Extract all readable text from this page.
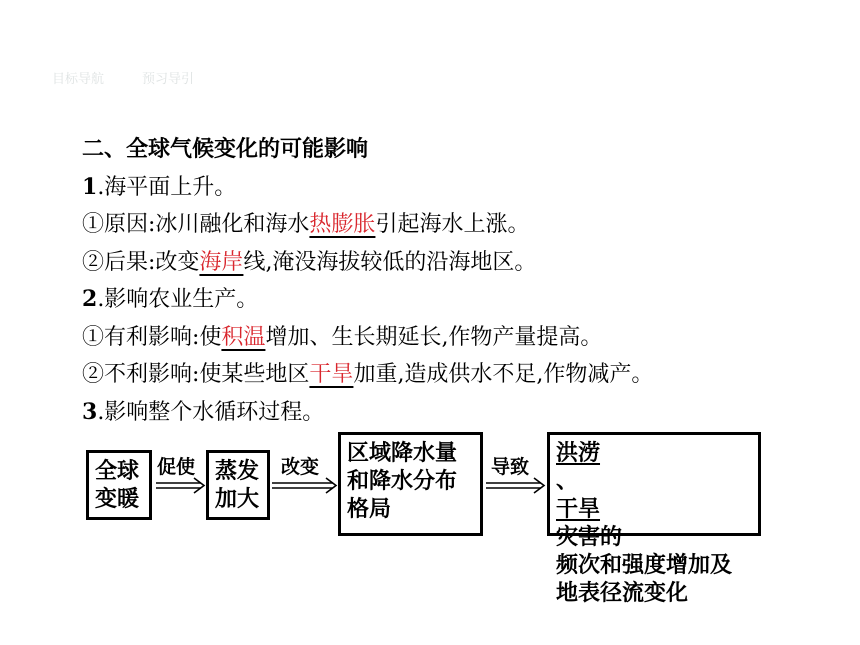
目标导航	预习导引
二、全球气候变化的可能影响
1.海平面上升。
①原因:冰川融化和海水热膨胀引起海水上涨。
②后果:改变海岸线,淹没海拔较低的沿海地区。
2.影响农业生产。
①有利影响:使积温增加、生长期延长,作物产量提高。
②不利影响:使某些地区干旱加重,造成供水不足,作物减产。
3.影响整个水循环过程。
全球
变暖
促使 蒸发
加大
改变
区域降水量
和降水分布
格局
导致
洪涝
、
干旱
灾害的
频次和强度增加及
地表径流变化
